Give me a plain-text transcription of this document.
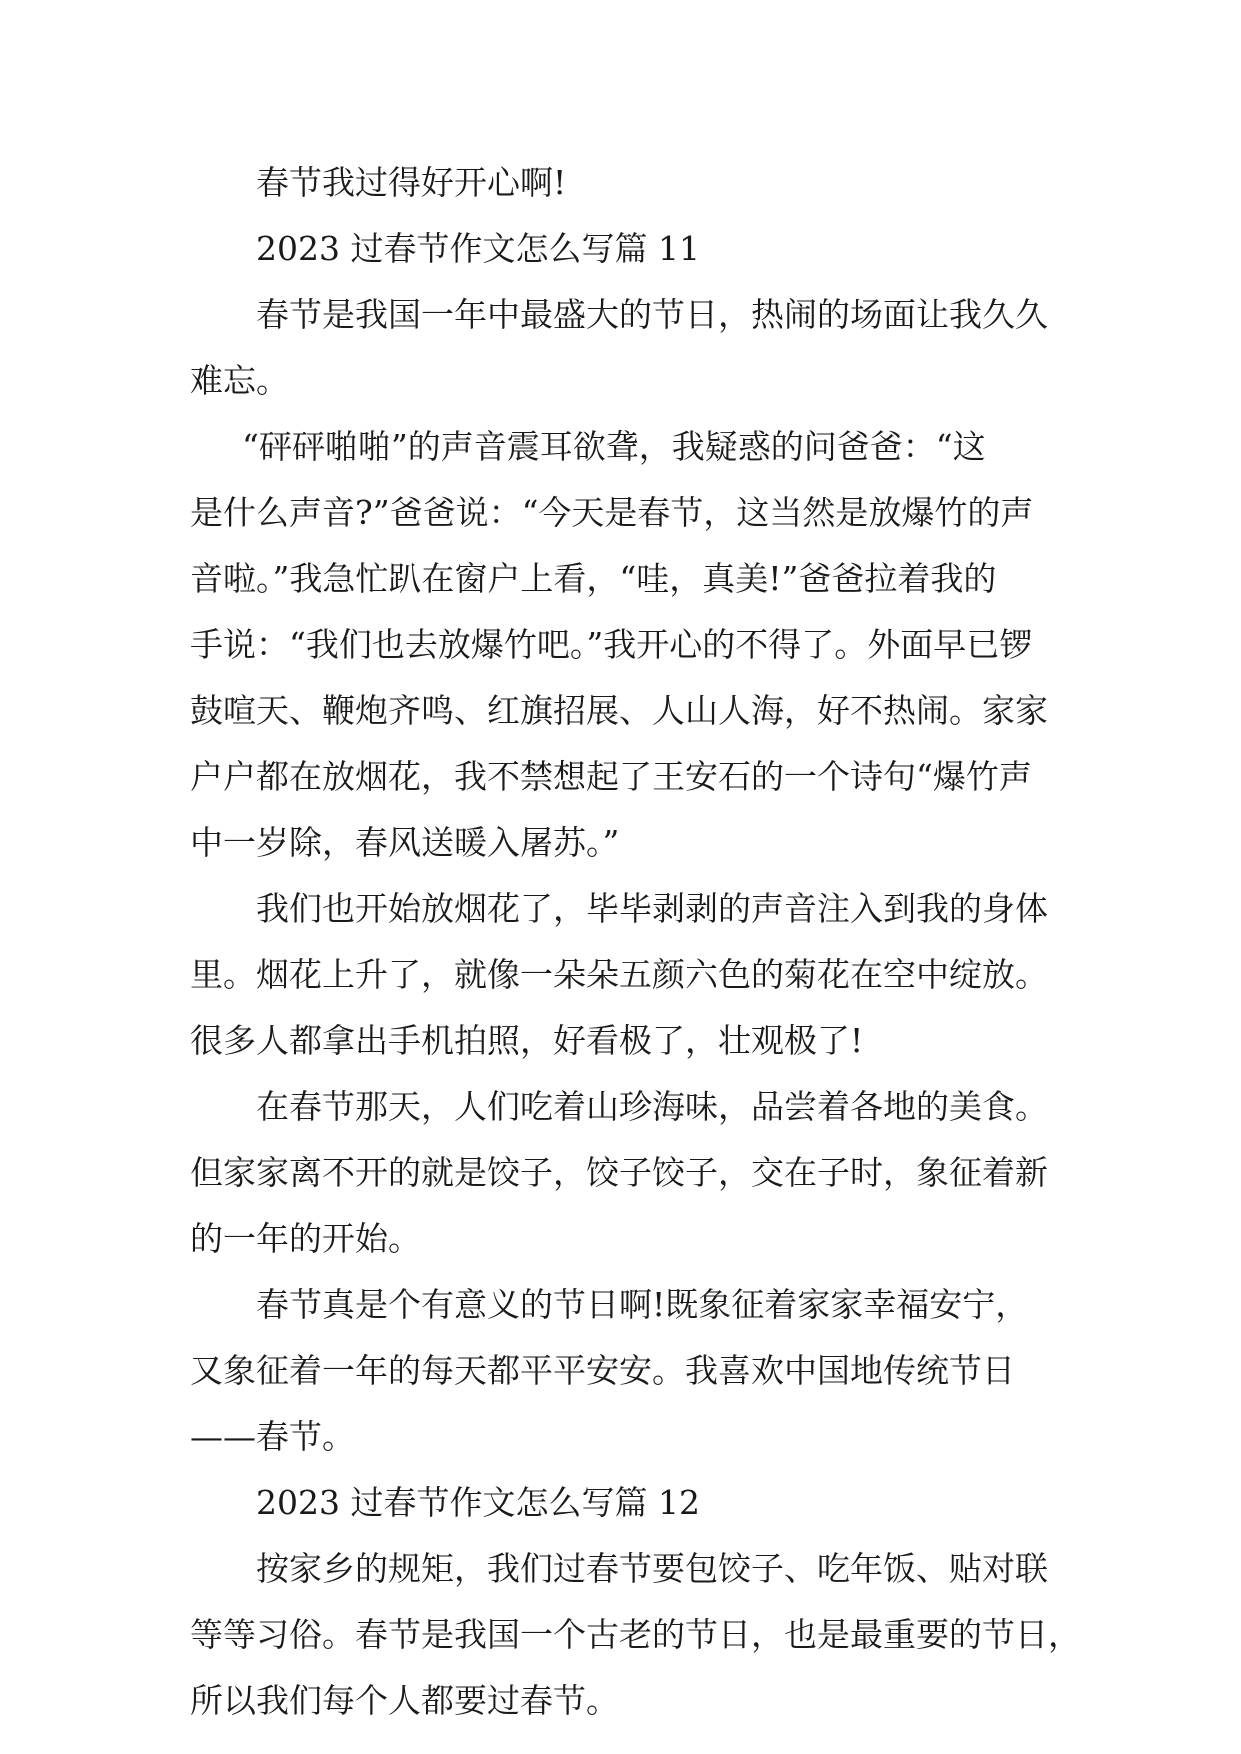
春节我过得好开心啊!
2023 过春节作文怎么写篇 11
春节是我国一年中最盛大的节日，热闹的场面让我久久
难忘。
“砰砰啪啪”的声音震耳欲聋，我疑惑的问爸爸：“这
是什么声音?”爸爸说：“今天是春节，这当然是放爆竹的声
音啦。”我急忙趴在窗户上看，“哇，真美!”爸爸拉着我的
手说：“我们也去放爆竹吧。”我开心的不得了。外面早已锣
鼓喧天、鞭炮齐鸣、红旗招展、人山人海，好不热闹。家家
户户都在放烟花，我不禁想起了王安石的一个诗句“爆竹声
中一岁除，春风送暖入屠苏。”
我们也开始放烟花了，毕毕剥剥的声音注入到我的身体
里。烟花上升了，就像一朵朵五颜六色的菊花在空中绽放。
很多人都拿出手机拍照，好看极了，壮观极了!
在春节那天，人们吃着山珍海味，品尝着各地的美食。
但家家离不开的就是饺子，饺子饺子，交在子时，象征着新
的一年的开始。
春节真是个有意义的节日啊!既象征着家家幸福安宁，
又象征着一年的每天都平平安安。我喜欢中国地传统节日
——春节。
2023 过春节作文怎么写篇 12
按家乡的规矩，我们过春节要包饺子、吃年饭、贴对联
等等习俗。春节是我国一个古老的节日，也是最重要的节日，
所以我们每个人都要过春节。
